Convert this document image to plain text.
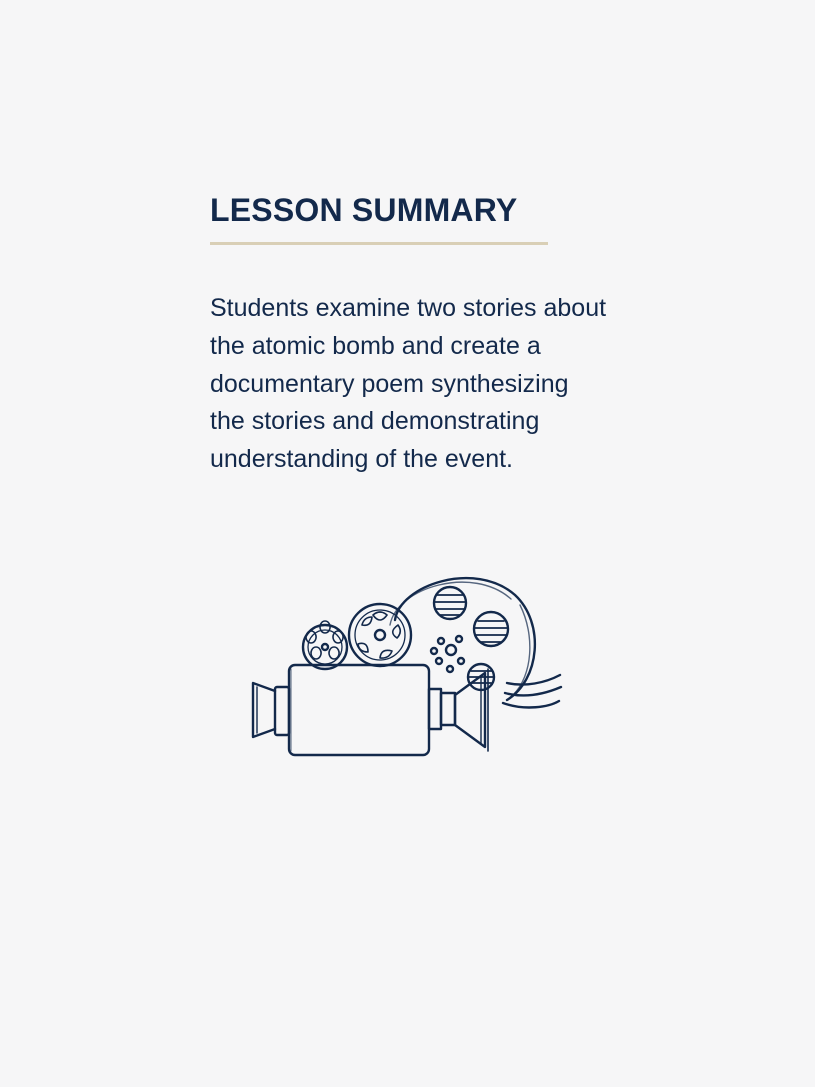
LESSON SUMMARY

Students examine two stories about the atomic bomb and create a documentary poem synthesizing the stories and demonstrating understanding of the event.
